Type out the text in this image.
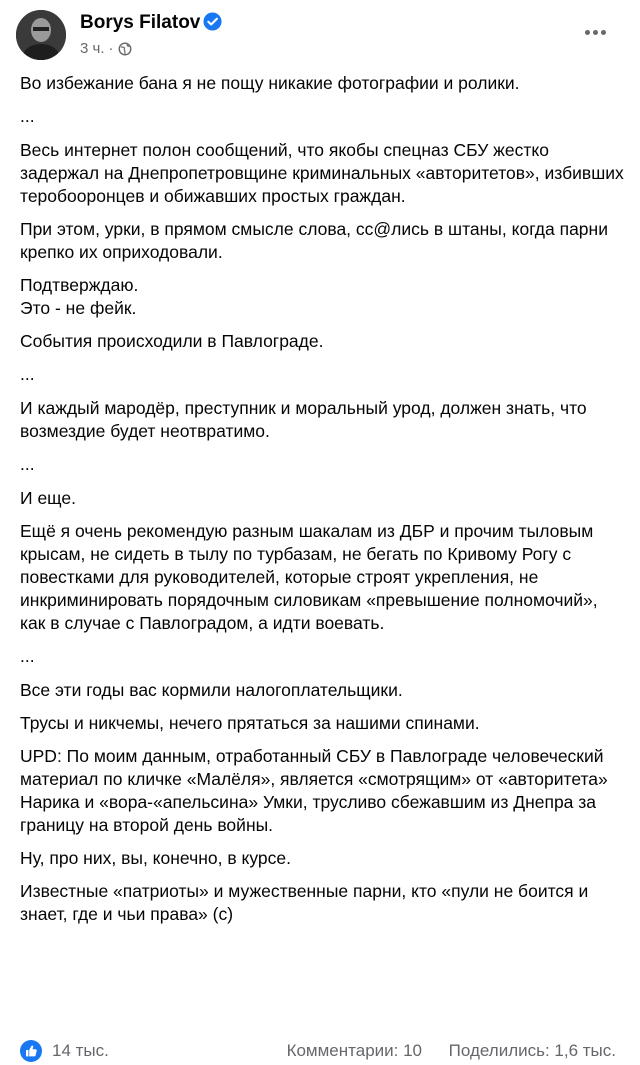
Borys Filatov
3 ч. ·

Во избежание бана я не пощу никакие фотографии и ролики.

...

Весь интернет полон сообщений, что якобы спецназ СБУ жестко задержал на Днепропетровщине криминальных «авторитетов», избивших теробооронцев и обижавших простых граждан.

При этом, урки, в прямом смысле слова, сс@лись в штаны, когда парни крепко их оприходовали.

Подтверждаю.
Это - не фейк.

События происходили в Павлограде.

...

И каждый мародёр, преступник и моральный урод, должен знать, что возмездие будет неотвратимо.

...

И еще.

Ещё я очень рекомендую разным шакалам из ДБР и прочим тыловым крысам, не сидеть в тылу по турбазам, не бегать по Кривому Рогу с повестками для руководителей, которые строят укрепления, не инкриминировать порядочным силовикам «превышение полномочий», как в случае с Павлоградом, а идти воевать.

...

Все эти годы вас кормили налогоплательщики.

Трусы и никчемы, нечего прятаться за нашими спинами.

UPD: По моим данным, отработанный СБУ в Павлограде человеческий материал по кличке «Малёля», является «смотрящим» от «авторитета» Нарика и «вора-«апельсина» Умки, трусливо сбежавшим из Днепра за границу на второй день войны.

Ну, про них, вы, конечно, в курсе.

Известные «патриоты» и мужественные парни, кто «пули не боится и знает, где и чьи права» (с)

14 тыс.	Комментарии: 10 Поделились: 1,6 тыс.
